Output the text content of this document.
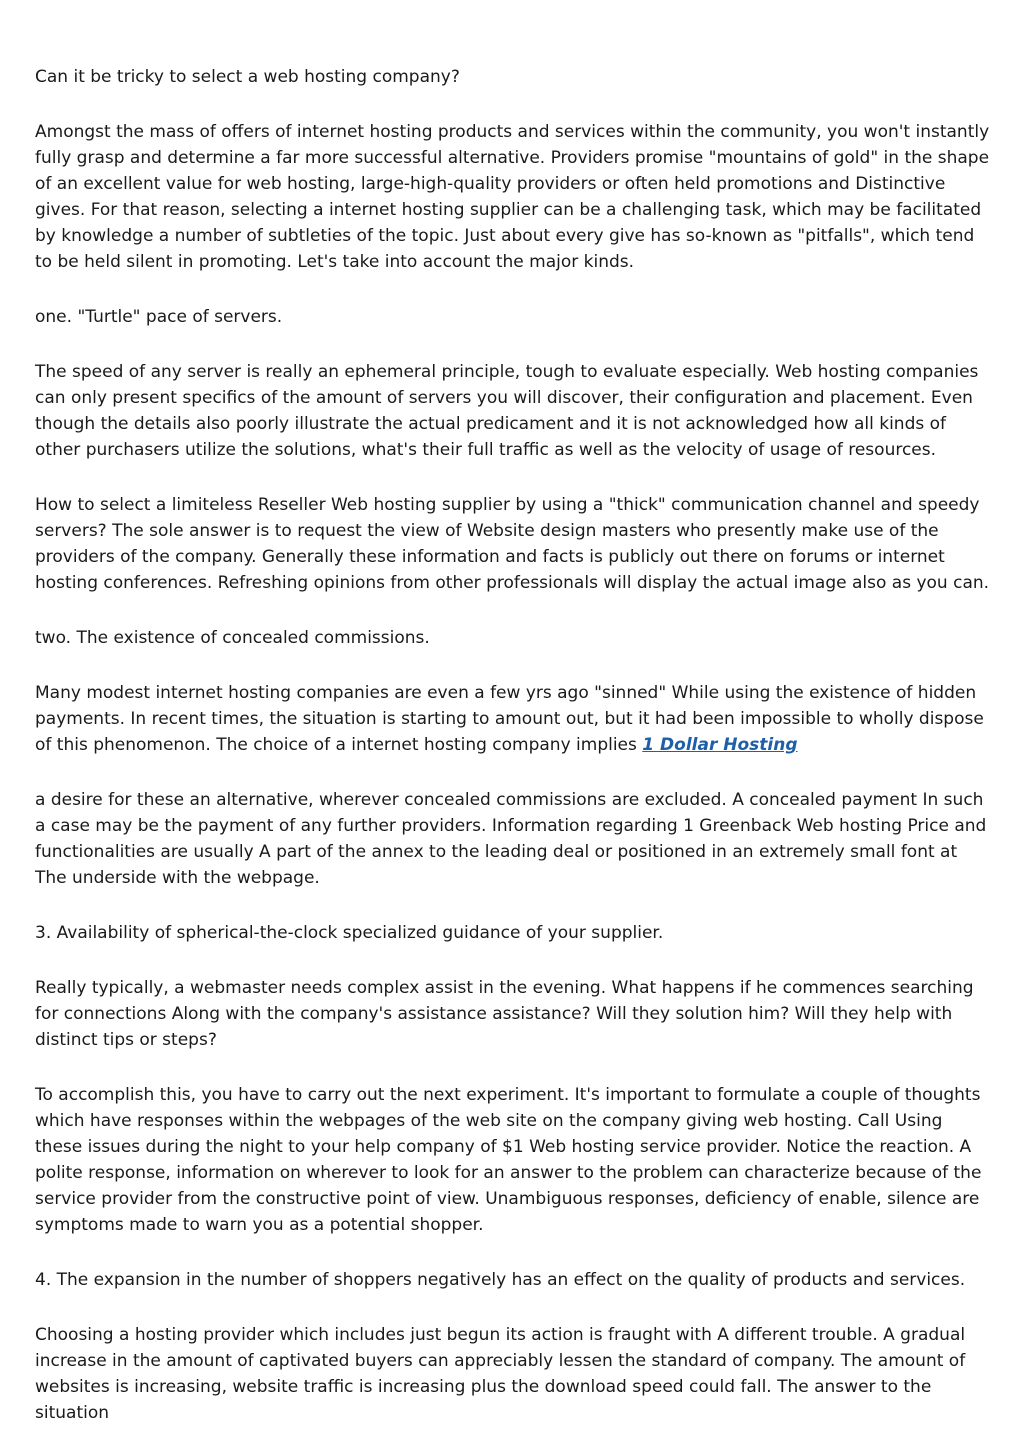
Can it be tricky to select a web hosting company?

Amongst the mass of offers of internet hosting products and services within the community, you won't instantly fully grasp and determine a far more successful alternative. Providers promise "mountains of gold" in the shape of an excellent value for web hosting, large-high-quality providers or often held promotions and Distinctive gives. For that reason, selecting a internet hosting supplier can be a challenging task, which may be facilitated by knowledge a number of subtleties of the topic. Just about every give has so-known as "pitfalls", which tend to be held silent in promoting. Let's take into account the major kinds.

one. "Turtle" pace of servers.

The speed of any server is really an ephemeral principle, tough to evaluate especially. Web hosting companies can only present specifics of the amount of servers you will discover, their configuration and placement. Even though the details also poorly illustrate the actual predicament and it is not acknowledged how all kinds of other purchasers utilize the solutions, what's their full traffic as well as the velocity of usage of resources.

How to select a limiteless Reseller Web hosting supplier by using a "thick" communication channel and speedy servers? The sole answer is to request the view of Website design masters who presently make use of the providers of the company. Generally these information and facts is publicly out there on forums or internet hosting conferences. Refreshing opinions from other professionals will display the actual image also as you can.

two. The existence of concealed commissions.

Many modest internet hosting companies are even a few yrs ago "sinned" While using the existence of hidden payments. In recent times, the situation is starting to amount out, but it had been impossible to wholly dispose of this phenomenon. The choice of a internet hosting company implies 1 Dollar Hosting

a desire for these an alternative, wherever concealed commissions are excluded. A concealed payment In such a case may be the payment of any further providers. Information regarding 1 Greenback Web hosting Price and functionalities are usually A part of the annex to the leading deal or positioned in an extremely small font at The underside with the webpage.

3. Availability of spherical-the-clock specialized guidance of your supplier.

Really typically, a webmaster needs complex assist in the evening. What happens if he commences searching for connections Along with the company's assistance assistance? Will they solution him? Will they help with distinct tips or steps?

To accomplish this, you have to carry out the next experiment. It's important to formulate a couple of thoughts which have responses within the webpages of the web site on the company giving web hosting. Call Using these issues during the night to your help company of $1 Web hosting service provider. Notice the reaction. A polite response, information on wherever to look for an answer to the problem can characterize because of the service provider from the constructive point of view. Unambiguous responses, deficiency of enable, silence are symptoms made to warn you as a potential shopper.

4. The expansion in the number of shoppers negatively has an effect on the quality of products and services.

Choosing a hosting provider which includes just begun its action is fraught with A different trouble. A gradual increase in the amount of captivated buyers can appreciably lessen the standard of company. The amount of websites is increasing, website traffic is increasing plus the download speed could fall. The answer to the situation
